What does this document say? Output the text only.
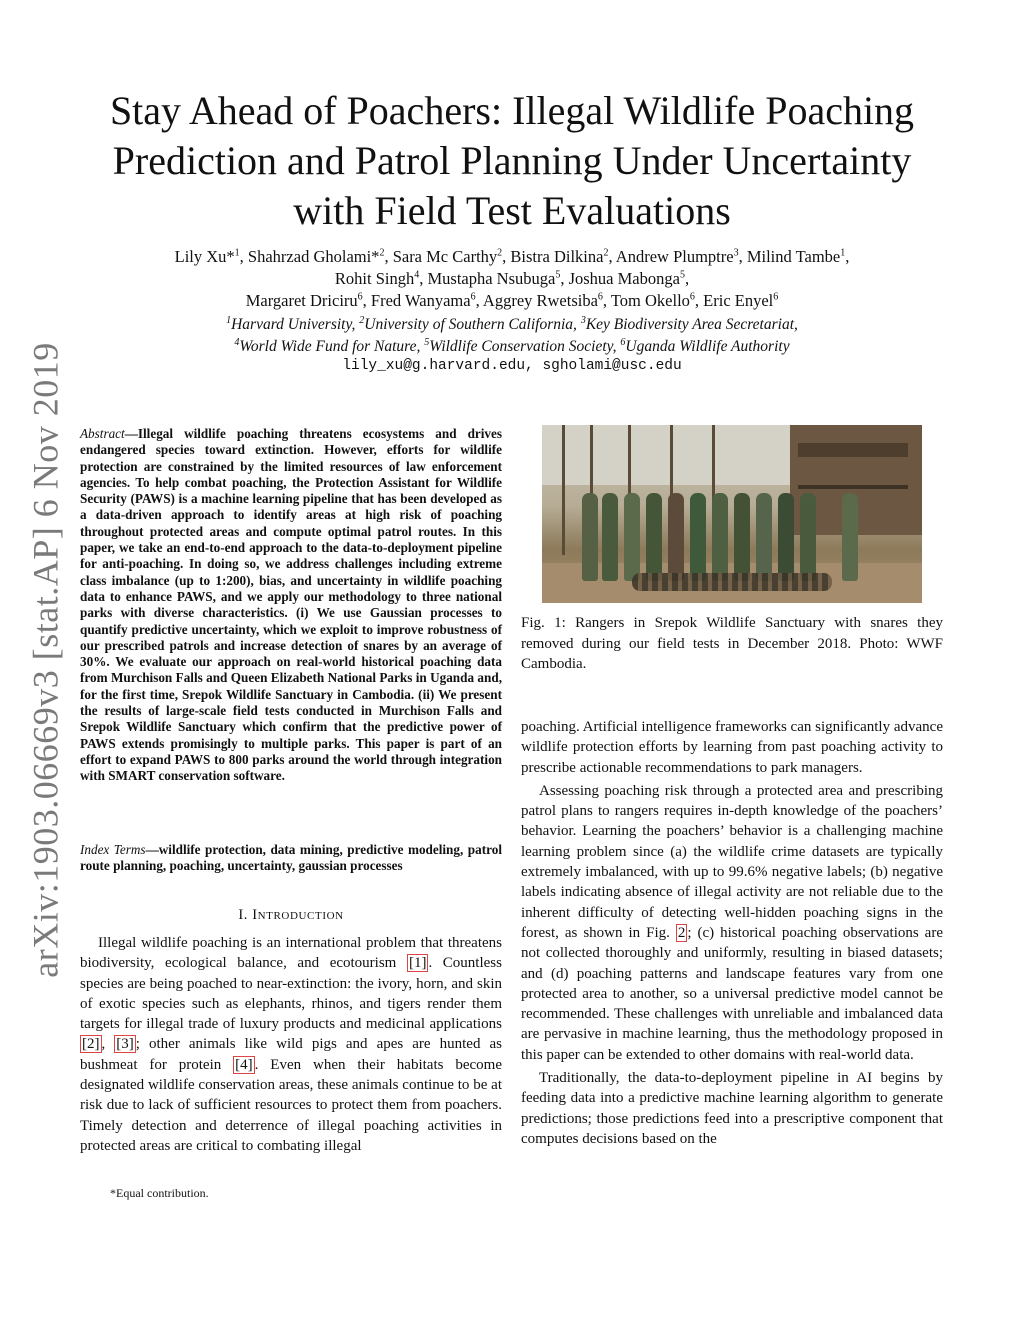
arXiv:1903.06669v3 [stat.AP] 6 Nov 2019
Stay Ahead of Poachers: Illegal Wildlife Poaching
Prediction and Patrol Planning Under Uncertainty
with Field Test Evaluations
Lily Xu*$^1$, Shahrzad Gholami*$^2$, Sara Mc Carthy$^2$, Bistra Dilkina$^2$, Andrew Plumptre$^3$, Milind Tambe$^1$,
Rohit Singh$^4$, Mustapha Nsubuga$^5$, Joshua Mabonga$^5$,
Margaret Driciru$^6$, Fred Wanyama$^6$, Aggrey Rwetsiba$^6$, Tom Okello$^6$, Eric Enyel$^6$
$^1$Harvard University, $^2$University of Southern California, $^3$Key Biodiversity Area Secretariat,
$^4$World Wide Fund for Nature, $^5$Wildlife Conservation Society, $^6$Uganda Wildlife Authority
lily_xu@g.harvard.edu, sgholami@usc.edu
Abstract—Illegal wildlife poaching threatens ecosystems and drives endangered species toward extinction. However, efforts for wildlife protection are constrained by the limited resources of law enforcement agencies. To help combat poaching, the Protection Assistant for Wildlife Security (PAWS) is a machine learning pipeline that has been developed as a data-driven approach to identify areas at high risk of poaching throughout protected areas and compute optimal patrol routes. In this paper, we take an end-to-end approach to the data-to-deployment pipeline for anti-poaching. In doing so, we address challenges including extreme class imbalance (up to 1:200), bias, and uncertainty in wildlife poaching data to enhance PAWS, and we apply our methodology to three national parks with diverse characteristics. (i) We use Gaussian processes to quantify predictive uncertainty, which we exploit to improve robustness of our prescribed patrols and increase detection of snares by an average of 30%. We evaluate our approach on real-world historical poaching data from Murchison Falls and Queen Elizabeth National Parks in Uganda and, for the first time, Srepok Wildlife Sanctuary in Cambodia. (ii) We present the results of large-scale field tests conducted in Murchison Falls and Srepok Wildlife Sanctuary which confirm that the predictive power of PAWS extends promisingly to multiple parks. This paper is part of an effort to expand PAWS to 800 parks around the world through integration with SMART conservation software.
Index Terms—wildlife protection, data mining, predictive modeling, patrol route planning, poaching, uncertainty, gaussian processes
I. INTRODUCTION

Illegal wildlife poaching is an international problem that threatens biodiversity, ecological balance, and ecotourism [1] . Countless species are being poached to near-extinction: the ivory, horn, and skin of exotic species such as elephants, rhinos, and tigers render them targets for illegal trade of luxury products and medicinal applications [2] , [3] ; other animals like wild pigs and apes are hunted as bushmeat for protein [4] . Even when their habitats become designated wildlife conservation areas, these animals continue to be at risk due to lack of sufficient resources to protect them from poachers. Timely detection and deterrence of illegal poaching activities in protected areas are critical to combating illegal

*Equal contribution.
Fig. 1: Rangers in Srepok Wildlife Sanctuary with snares they removed during our field tests in December 2018. Photo: WWF Cambodia.

poaching. Artificial intelligence frameworks can significantly advance wildlife protection efforts by learning from past poaching activity to prescribe actionable recommendations to park managers.

Assessing poaching risk through a protected area and prescribing patrol plans to rangers requires in-depth knowledge of the poachers’ behavior. Learning the poachers’ behavior is a challenging machine learning problem since (a) the wildlife crime datasets are typically extremely imbalanced, with up to 99.6% negative labels; (b) negative labels indicating absence of illegal activity are not reliable due to the inherent difficulty of detecting well-hidden poaching signs in the forest, as shown in Fig. 2 ; (c) historical poaching observations are not collected thoroughly and uniformly, resulting in biased datasets; and (d) poaching patterns and landscape features vary from one protected area to another, so a universal predictive model cannot be recommended. These challenges with unreliable and imbalanced data are pervasive in machine learning, thus the methodology proposed in this paper can be extended to other domains with real-world data.

Traditionally, the data-to-deployment pipeline in AI begins by feeding data into a predictive machine learning algorithm to generate predictions; those predictions feed into a prescriptive component that computes decisions based on the
